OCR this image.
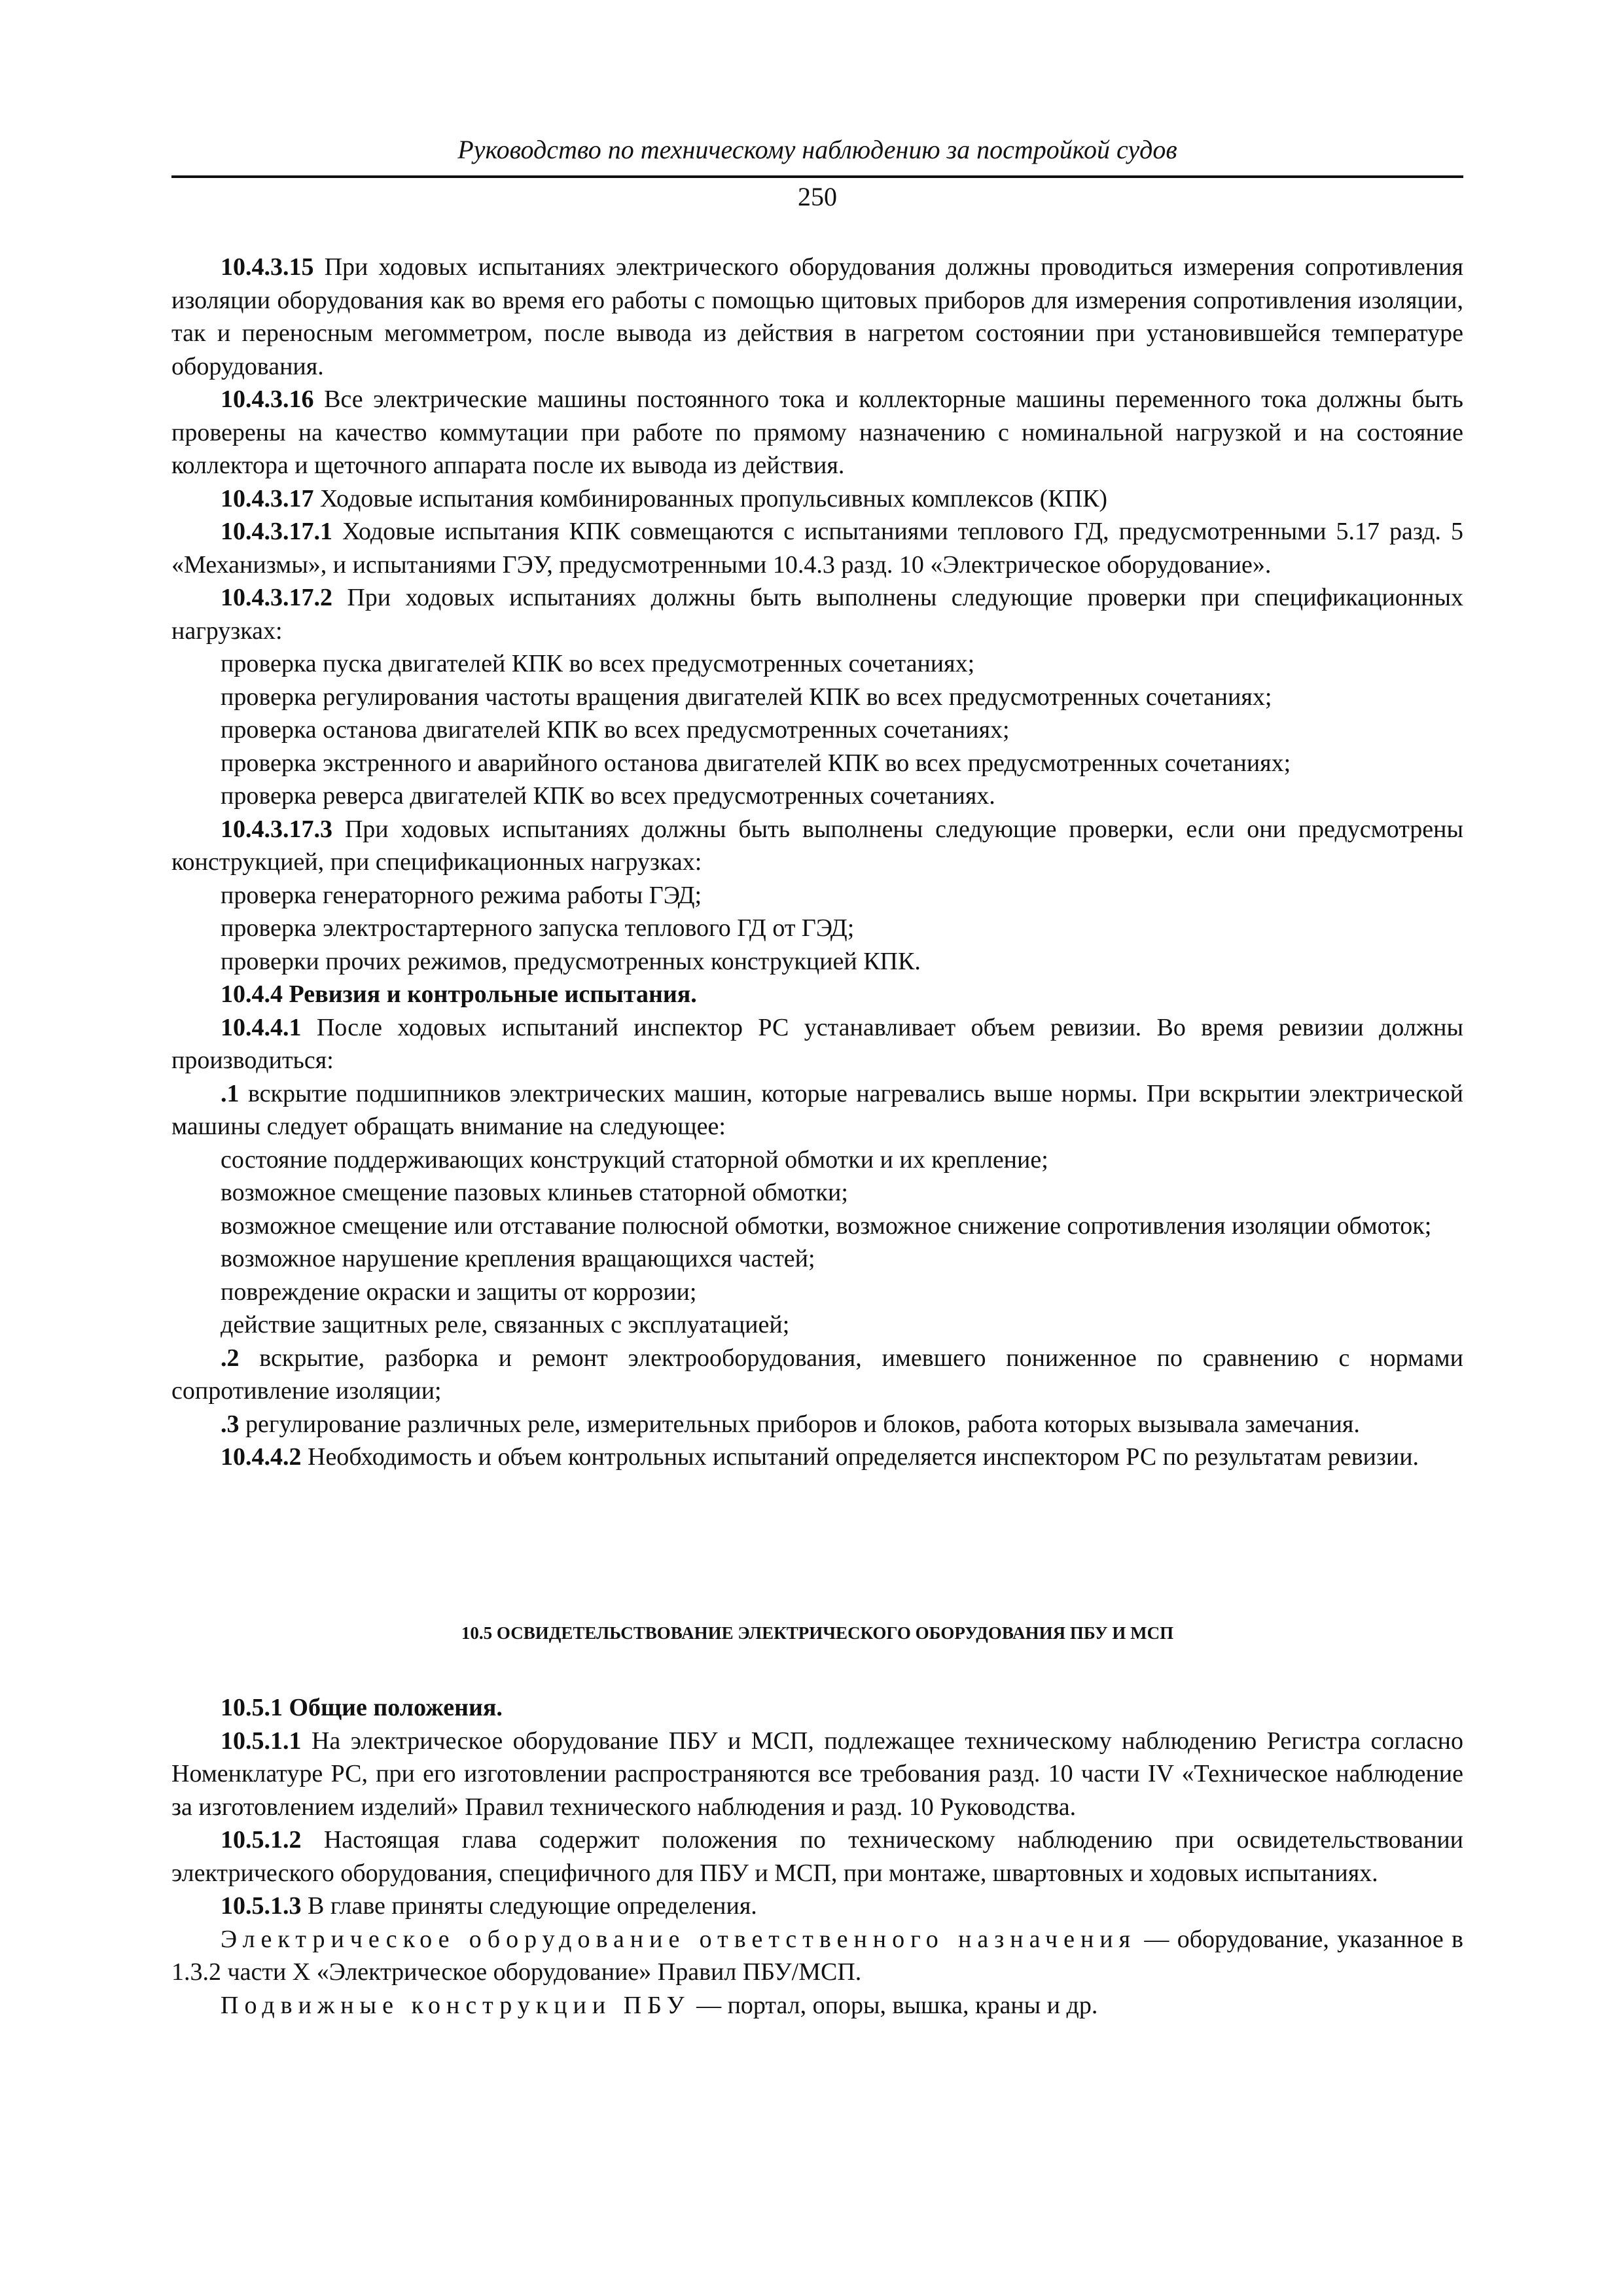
Руководство по техническому наблюдению за постройкой судов
250

10.4.3.15 При ходовых испытаниях электрического оборудования должны проводиться измерения сопротивления изоляции оборудования как во время его работы с помощью щитовых приборов для измерения сопротивления изоляции, так и переносным мегомметром, после вывода из действия в нагретом состоянии при установившейся температуре оборудования.

10.4.3.16 Все электрические машины постоянного тока и коллекторные машины переменного тока должны быть проверены на качество коммутации при работе по прямому назначению с номинальной нагрузкой и на состояние коллектора и щеточного аппарата после их вывода из действия.

10.4.3.17 Ходовые испытания комбинированных пропульсивных комплексов (КПК)

10.4.3.17.1 Ходовые испытания КПК совмещаются с испытаниями теплового ГД, предусмотренными 5.17 разд. 5 «Механизмы», и испытаниями ГЭУ, предусмотренными 10.4.3 разд. 10 «Электрическое оборудование».

10.4.3.17.2 При ходовых испытаниях должны быть выполнены следующие проверки при спецификационных нагрузках:

проверка пуска двигателей КПК во всех предусмотренных сочетаниях;

проверка регулирования частоты вращения двигателей КПК во всех предусмотренных сочетаниях;

проверка останова двигателей КПК во всех предусмотренных сочетаниях;

проверка экстренного и аварийного останова двигателей КПК во всех предусмотренных сочетаниях;

проверка реверса двигателей КПК во всех предусмотренных сочетаниях.

10.4.3.17.3 При ходовых испытаниях должны быть выполнены следующие проверки, если они предусмотрены конструкцией, при спецификационных нагрузках:

проверка генераторного режима работы ГЭД;

проверка электростартерного запуска теплового ГД от ГЭД;

проверки прочих режимов, предусмотренных конструкцией КПК.

10.4.4 Ревизия и контрольные испытания.

10.4.4.1 После ходовых испытаний инспектор РС устанавливает объем ревизии. Во время ревизии должны производиться:

.1 вскрытие подшипников электрических машин, которые нагревались выше нормы. При вскрытии электрической машины следует обращать внимание на следующее:

состояние поддерживающих конструкций статорной обмотки и их крепление;

возможное смещение пазовых клиньев статорной обмотки;

возможное смещение или отставание полюсной обмотки, возможное снижение сопротивления изоляции обмоток;

возможное нарушение крепления вращающихся частей;

повреждение окраски и защиты от коррозии;

действие защитных реле, связанных с эксплуатацией;

.2 вскрытие, разборка и ремонт электрооборудования, имевшего пониженное по сравнению с нормами сопротивление изоляции;

.3 регулирование различных реле, измерительных приборов и блоков, работа которых вызывала замечания.

10.4.4.2 Необходимость и объем контрольных испытаний определяется инспектором РС по результатам ревизии.

10.5 ОСВИДЕТЕЛЬСТВОВАНИЕ ЭЛЕКТРИЧЕСКОГО ОБОРУДОВАНИЯ ПБУ И МСП

10.5.1 Общие положения.

10.5.1.1 На электрическое оборудование ПБУ и МСП, подлежащее техническому наблюдению Регистра согласно Номенклатуре РС, при его изготовлении распространяются все требования разд. 10 части IV «Техническое наблюдение за изготовлением изделий» Правил технического наблюдения и разд. 10 Руководства.

10.5.1.2 Настоящая глава содержит положения по техническому наблюдению при освидетельствовании электрического оборудования, специфичного для ПБУ и МСП, при монтаже, швартовных и ходовых испытаниях.

10.5.1.3 В главе приняты следующие определения.

Электрическое оборудование ответственного назначения — оборудование, указанное в 1.3.2 части X «Электрическое оборудование» Правил ПБУ/МСП.

Подвижные конструкции ПБУ — портал, опоры, вышка, краны и др.
